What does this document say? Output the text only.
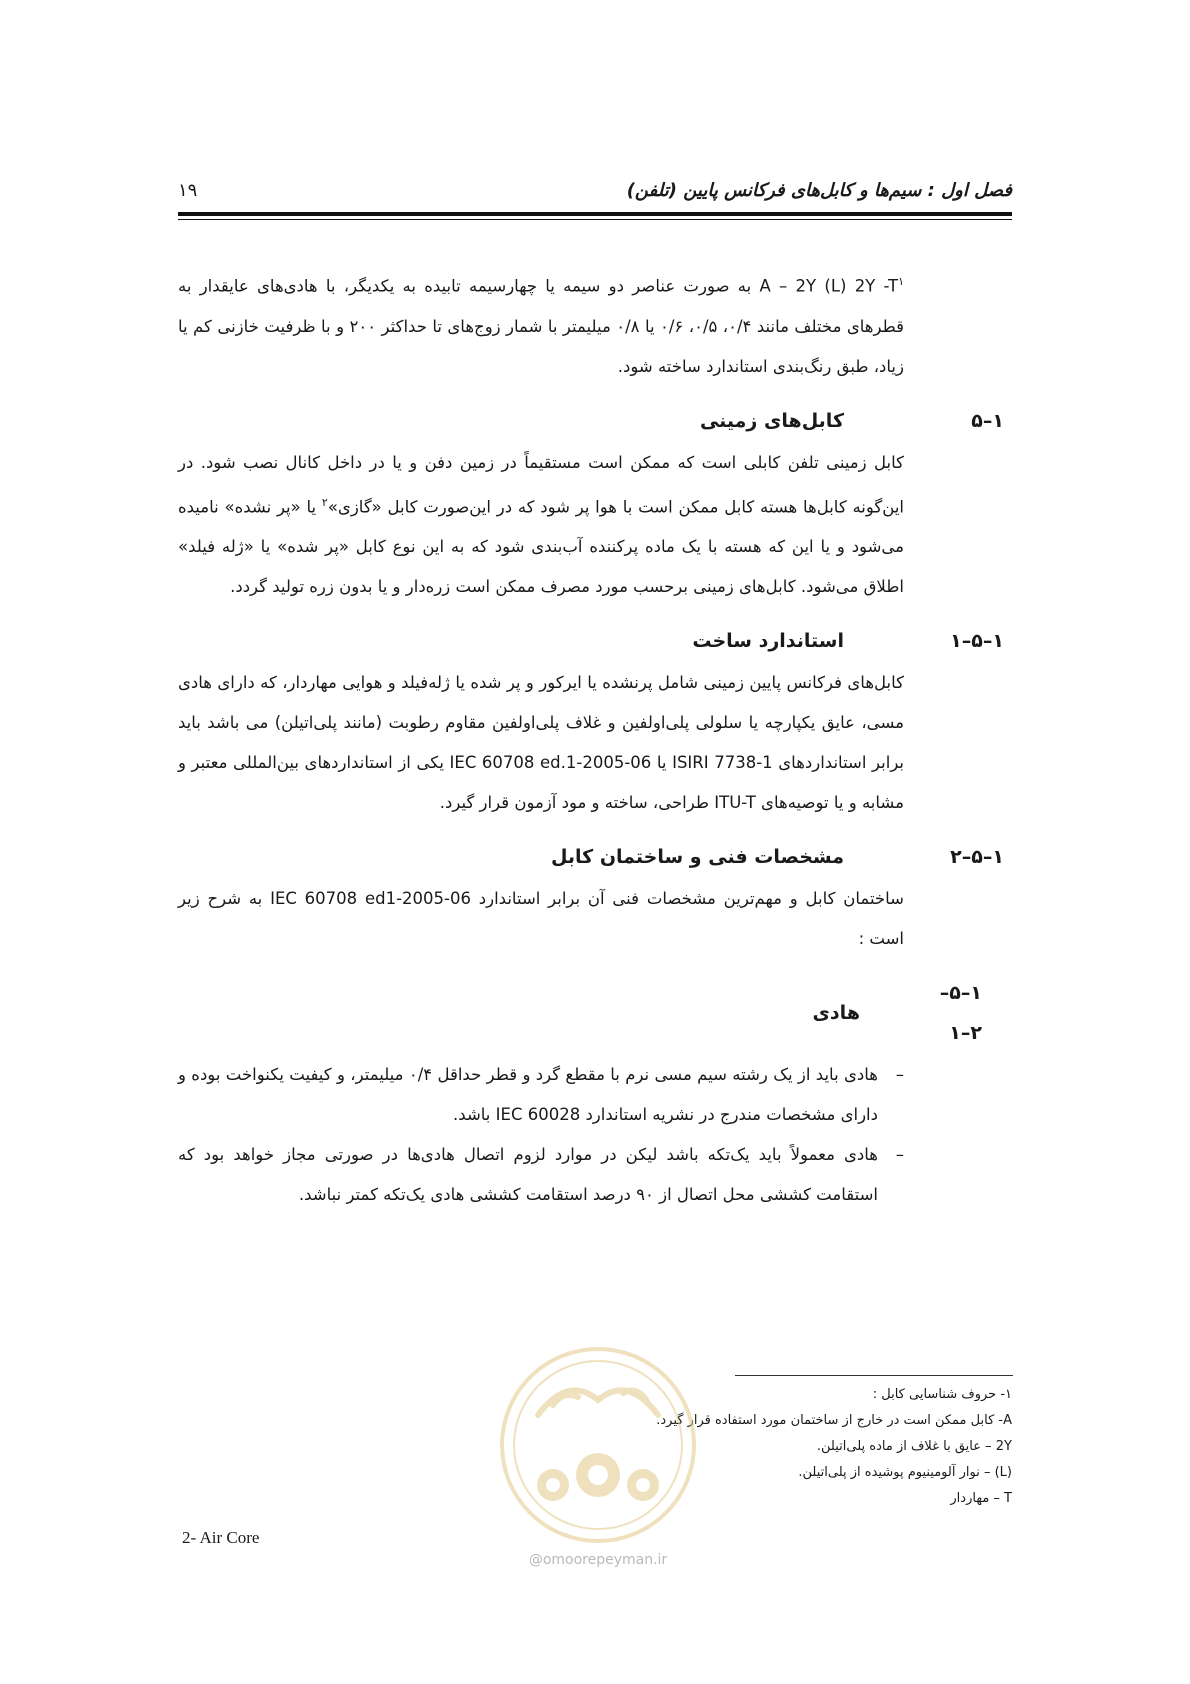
فصل اول : سیم‌ها و کابل‌های فرکانس پایین (تلفن)
۱۹

A – 2Y (L) 2Y $-T^۱$ به صورت عناصر دو سیمه یا چهارسیمه تابیده به یکدیگر، با هادی‌های عایقدار به قطرهای مختلف مانند ۰/۴، ۰/۵، ۰/۶ یا ۰/۸ میلیمتر با شمار زوج‌های تا حداکثر ۲۰۰ و با ظرفیت خازنی کم یا زیاد، طبق رنگ‌بندی استاندارد ساخته شود.

۱–۵
کابل‌های زمینی

کابل زمینی تلفن کابلی است که ممکن است مستقیماً در زمین دفن و یا در داخل کانال نصب شود. در این‌گونه کابل‌ها هسته کابل ممکن است با هوا پر شود که در این‌صورت کابل «گازی»$^۲$ یا «پر نشده» نامیده می‌شود و یا این که هسته با یک ماده پرکننده آب‌بندی شود که به این نوع کابل «پر شده» یا «ژله فیلد» اطلاق می‌شود. کابل‌های زمینی برحسب مورد مصرف ممکن است زره‌دار و یا بدون زره تولید گردد.

۱–۵–۱
استاندارد ساخت

کابل‌های فرکانس پایین زمینی شامل پرنشده یا ایرکور و پر شده یا ژله‌فیلد و هوایی مهاردار، که دارای هادی مسی، عایق یکپارچه یا سلولی پلی‌اولفین و غلاف پلی‌اولفین مقاوم رطوبت (مانند پلی‌اتیلن) می باشد باید برابر استانداردهای ISIRI 7738-1 یا IEC 60708 ed.1-2005-06 یکی از استانداردهای بین‌المللی معتبر و مشابه و یا توصیه‌های ITU-T طراحی، ساخته و مود آزمون قرار گیرد.

۱–۵–۲
مشخصات فنی و ساختمان کابل

ساختمان کابل و مهم‌ترین مشخصات فنی آن برابر استاندارد IEC 60708 ed1-2005-06 به شرح زیر است :

۱–۵–۲–۱
هادی
–
هادی باید از یک رشته سیم مسی نرم با مقطع گرد و قطر حداقل ۰/۴ میلیمتر، و کیفیت یکنواخت بوده و دارای مشخصات مندرج در نشریه استاندارد IEC 60028 باشد.
–
هادی معمولاً باید یک‌تکه باشد لیکن در موارد لزوم اتصال هادی‌ها در صورتی مجاز خواهد بود که استقامت کششی محل اتصال از ۹۰ درصد استقامت کششی هادی یک‌تکه کمتر نباشد.
۱- حروف شناسایی کابل :
A- کابل ممکن است در خارج از ساختمان مورد استفاده قرار گیرد.
2Y – عایق با غلاف از ماده پلی‌اتیلن.
(L) – نوار آلومینیوم پوشیده از پلی‌اتیلن.
T – مهاردار
2- Air Core
@omoorepeyman.ir
